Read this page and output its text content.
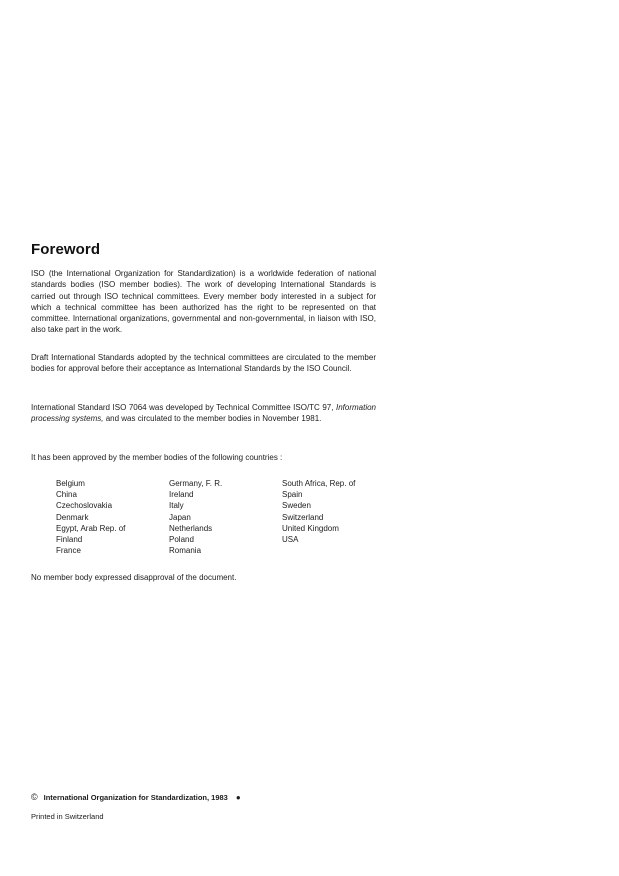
Foreword

ISO (the International Organization for Standardization) is a worldwide federation of national standards bodies (ISO member bodies). The work of developing International Standards is carried out through ISO technical committees. Every member body interested in a subject for which a technical committee has been authorized has the right to be represented on that committee. International organizations, governmental and non-governmental, in liaison with ISO, also take part in the work.

Draft International Standards adopted by the technical committees are circulated to the member bodies for approval before their acceptance as International Standards by the ISO Council.

International Standard ISO 7064 was developed by Technical Committee ISO/TC 97, Information processing systems, and was circulated to the member bodies in November 1981.

It has been approved by the member bodies of the following countries :

Belgium
China
Czechoslovakia
Denmark
Egypt, Arab Rep. of
Finland
France
Germany, F. R.
Ireland
Italy
Japan
Netherlands
Poland
Romania
South Africa, Rep. of
Spain
Sweden
Switzerland
United Kingdom
USA

No member body expressed disapproval of the document.

© International Organization for Standardization, 1983 ●
Printed in Switzerland
